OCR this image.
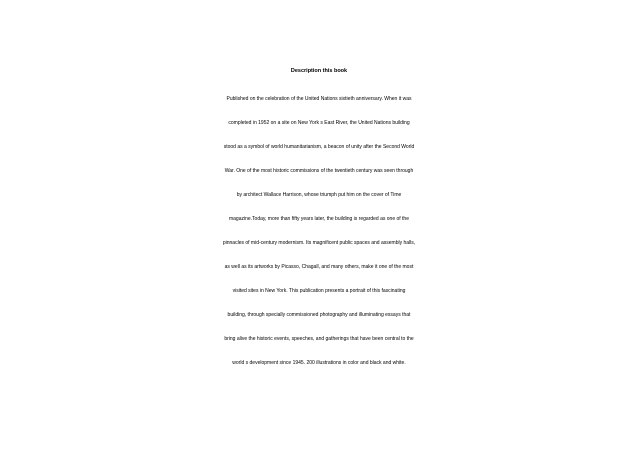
Description this book
Published on the celebration of the United Nations sixtieth anniversary. When it was
completed in 1952 on a site on New York s East River, the United Nations building
stood as a symbol of world humanitarianism, a beacon of unity after the Second World
War. One of the most historic commissions of the twentieth century was seen through
by architect Wallace Harrison, whose triumph put him on the cover of Time
magazine.Today, more than fifty years later, the building is regarded as one of the
pinnacles of mid-century modernism. Its magnificent public spaces and assembly halls,
as well as its artworks by Picasso, Chagall, and many others, make it one of the most
visited sites in New York. This publication presents a portrait of this fascinating
building, through specially commissioned photography and illuminating essays that
bring alive the historic events, speeches, and gatherings that have been central to the
world s development since 1945. 200 illustrations in color and black and white.
